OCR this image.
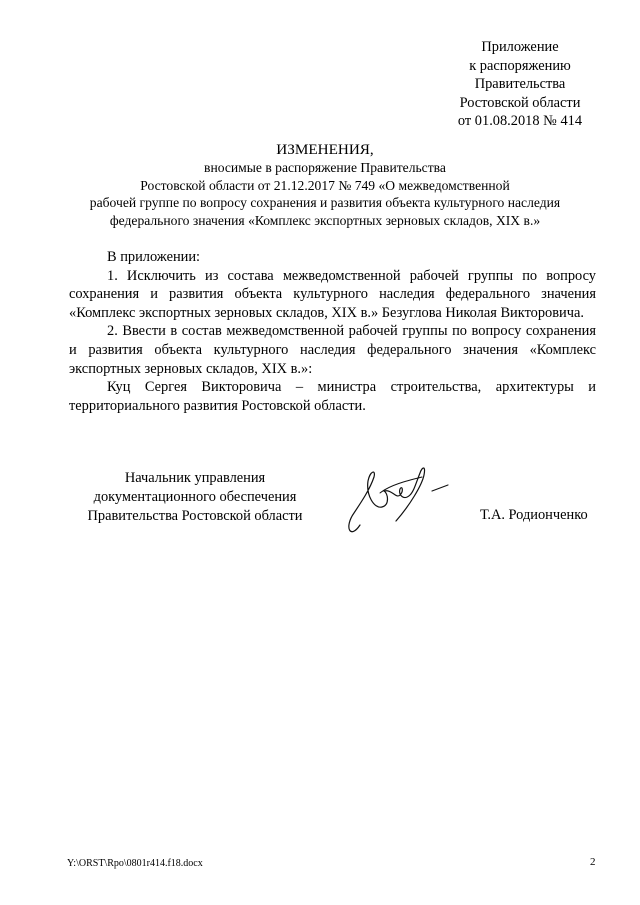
Приложение
к распоряжению
Правительства
Ростовской области
от 01.08.2018 № 414
ИЗМЕНЕНИЯ,
вносимые в распоряжение Правительства
Ростовской области от 21.12.2017 № 749 «О межведомственной
рабочей группе по вопросу сохранения и развития объекта культурного наследия
федерального значения «Комплекс экспортных зерновых складов, XIX в.»

В приложении:

1. Исключить из состава межведомственной рабочей группы по вопросу сохранения и развития объекта культурного наследия федерального значения «Комплекс экспортных зерновых складов, XIX в.» Безуглова Николая Викторовича.

2. Ввести в состав межведомственной рабочей группы по вопросу сохранения и развития объекта культурного наследия федерального значения «Комплекс экспортных зерновых складов, XIX в.»:

Куц Сергея Викторовича – министра строительства, архитектуры и территориального развития Ростовской области.

Начальник управления
документационного обеспечения
Правительства Ростовской области	Т.А. Родионченко
Y:\ORST\Rpo\0801r414.f18.docx	2
